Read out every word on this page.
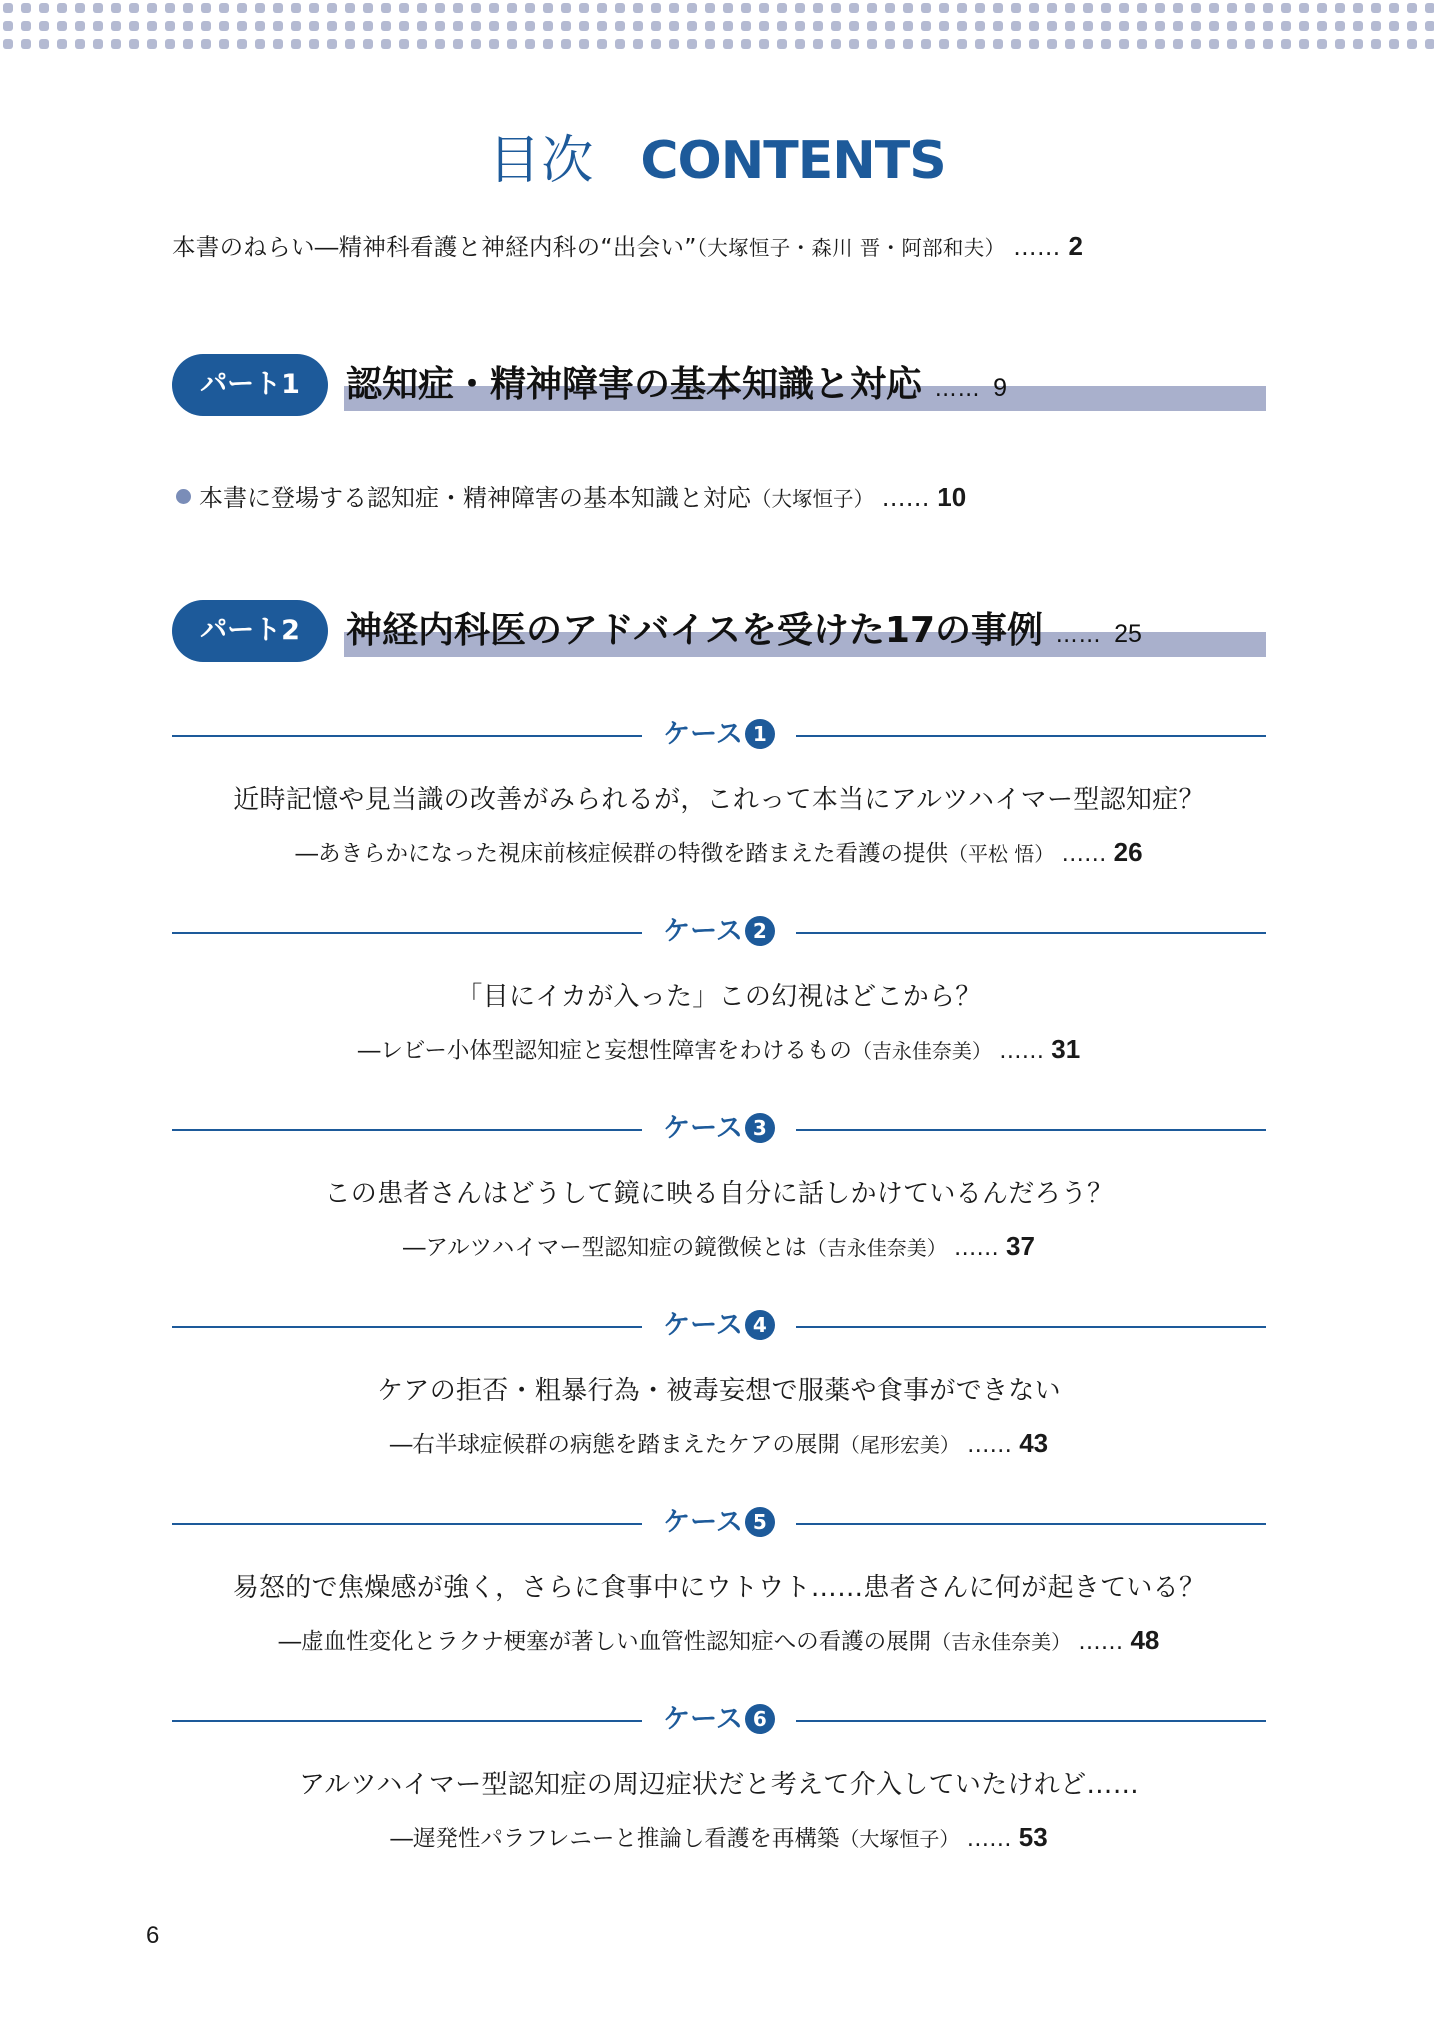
目次 CONTENTS
本書のねらい―精神科看護と神経内科の“出会い”（大塚恒子・森川 晋・阿部和夫） …… 2
パート1	認知症・精神障害の基本知識と対応 …… 9
本書に登場する認知症・精神障害の基本知識と対応（大塚恒子） …… 10
パート2	神経内科医のアドバイスを受けた17の事例 …… 25
ケース 1
近時記憶や見当識の改善がみられるが，これって本当にアルツハイマー型認知症？
―あきらかになった視床前核症候群の特徴を踏まえた看護の提供（平松 悟） …… 26
ケース 2
「目にイカが入った」この幻視はどこから？
―レビー小体型認知症と妄想性障害をわけるもの（吉永佳奈美） …… 31
ケース 3
この患者さんはどうして鏡に映る自分に話しかけているんだろう？
―アルツハイマー型認知症の鏡徴候とは（吉永佳奈美） …… 37
ケース 4
ケアの拒否・粗暴行為・被毒妄想で服薬や食事ができない
―右半球症候群の病態を踏まえたケアの展開（尾形宏美） …… 43
ケース 5
易怒的で焦燥感が強く，さらに食事中にウトウト……患者さんに何が起きている？
―虚血性変化とラクナ梗塞が著しい血管性認知症への看護の展開（吉永佳奈美） …… 48
ケース 6
アルツハイマー型認知症の周辺症状だと考えて介入していたけれど……
―遅発性パラフレニーと推論し看護を再構築（大塚恒子） …… 53
6
